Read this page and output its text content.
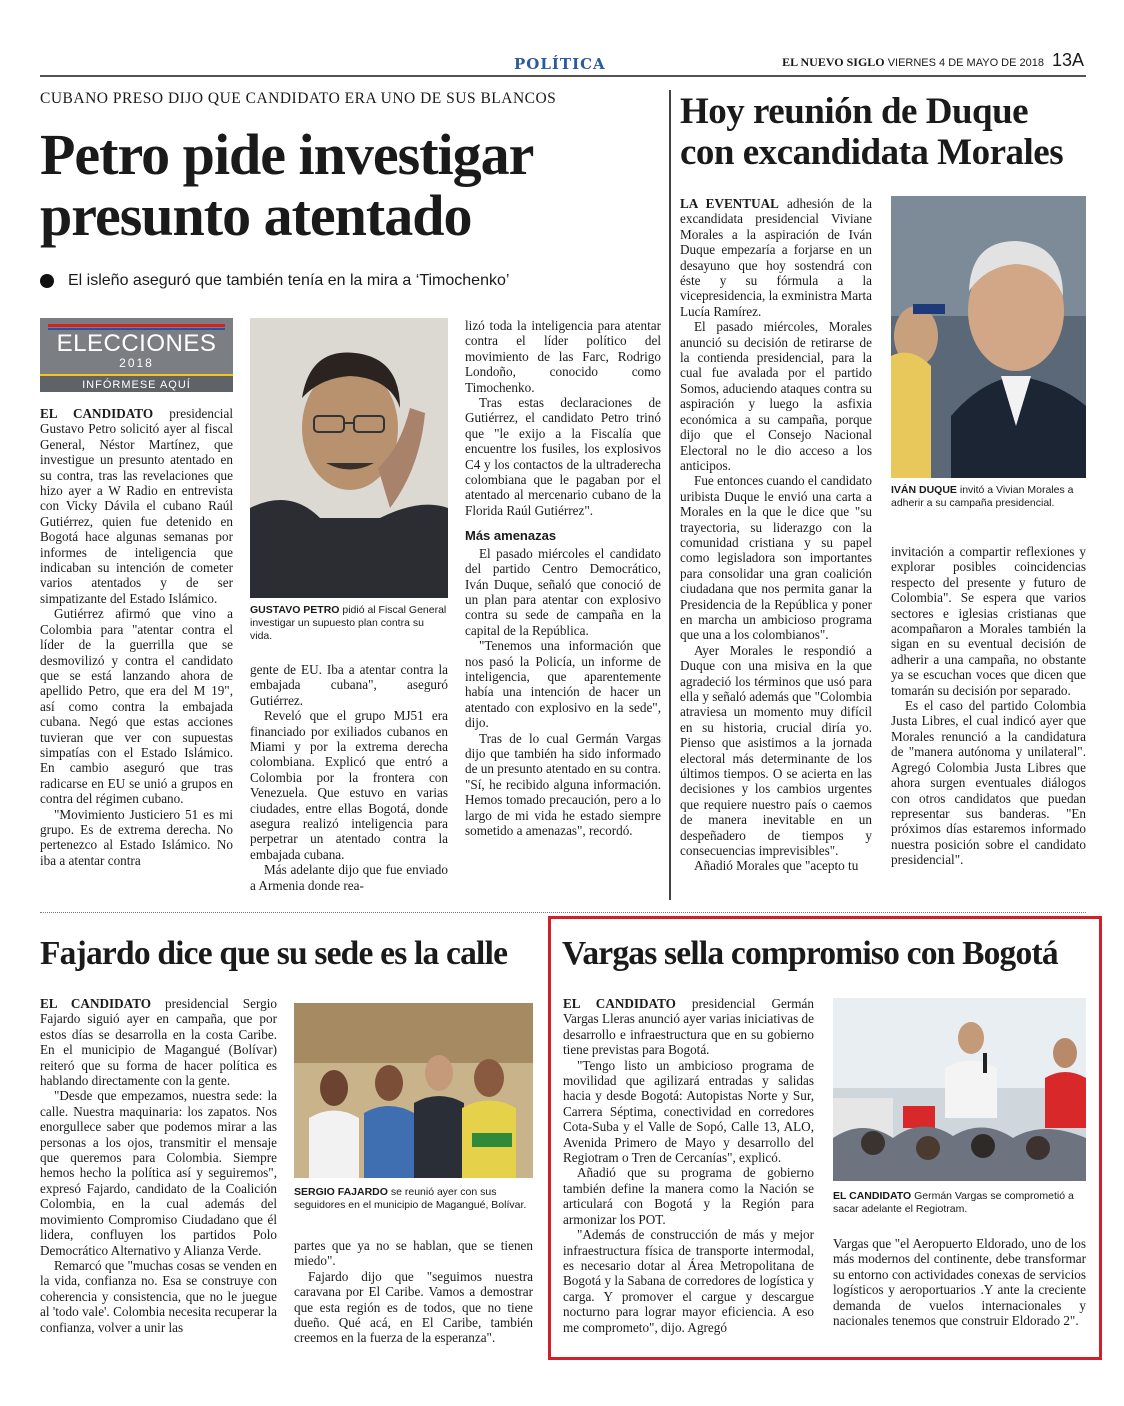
POLÍTICA	EL NUEVO SIGLO VIERNES 4 DE MAYO DE 2018 13A
CUBANO PRESO DIJO QUE CANDIDATO ERA UNO DE SUS BLANCOS
Petro pide investigar presunto atentado
El isleño aseguró que también tenía en la mira a ‘Timochenko’
ELECCIONES
2018
INFÓRMESE AQUÍ

EL CANDIDATO presidencial Gustavo Petro solicitó ayer al fiscal General, Néstor Martínez, que investigue un presunto atentado en su contra, tras las revelaciones que hizo ayer a W Radio en entrevista con Vicky Dávila el cubano Raúl Gutiérrez, quien fue detenido en Bogotá hace algunas semanas por informes de inteligencia que indicaban su intención de cometer varios atentados y de ser simpatizante del Estado Islámico.

Gutiérrez afirmó que vino a Colombia para "atentar contra el líder de la guerrilla que se desmovilizó y contra el candidato que se está lanzando ahora de apellido Petro, que era del M 19", así como contra la embajada cubana. Negó que estas acciones tuvieran que ver con supuestas simpatías con el Estado Islámico. En cambio aseguró que tras radicarse en EU se unió a grupos en contra del régimen cubano.

"Movimiento Justiciero 51 es mi grupo. Es de extrema derecha. No pertenezco al Estado Islámico. No iba a atentar contra

GUSTAVO PETRO pidió al Fiscal General investigar un supuesto plan contra su vida.

gente de EU. Iba a atentar contra la embajada cubana", aseguró Gutiérrez.

Reveló que el grupo MJ51 era financiado por exiliados cubanos en Miami y por la extrema derecha colombiana. Explicó que entró a Colombia por la frontera con Venezuela. Que estuvo en varias ciudades, entre ellas Bogotá, donde asegura realizó inteligencia para perpetrar un atentado contra la embajada cubana.

Más adelante dijo que fue enviado a Armenia donde rea-

lizó toda la inteligencia para atentar contra el líder político del movimiento de las Farc, Rodrigo Londoño, conocido como Timochenko.

Tras estas declaraciones de Gutiérrez, el candidato Petro trinó que "le exijo a la Fiscalía que encuentre los fusiles, los explosivos C4 y los contactos de la ultraderecha colombiana que le pagaban por el atentado al mercenario cubano de la Florida Raúl Gutiérrez".

Más amenazas

El pasado miércoles el candidato del partido Centro Democrático, Iván Duque, señaló que conoció de un plan para atentar con explosivo contra su sede de campaña en la capital de la República.

"Tenemos una información que nos pasó la Policía, un informe de inteligencia, que aparentemente había una intención de hacer un atentado con explosivo en la sede", dijo.

Tras de lo cual Germán Vargas dijo que también ha sido informado de un presunto atentado en su contra. "Sí, he recibido alguna información. Hemos tomado precaución, pero a lo largo de mi vida he estado siempre sometido a amenazas", recordó.

Hoy reunión de Duque con excandidata Morales

LA EVENTUAL adhesión de la excandidata presidencial Viviane Morales a la aspiración de Iván Duque empezaría a forjarse en un desayuno que hoy sostendrá con éste y su fórmula a la vicepresidencia, la exministra Marta Lucía Ramírez.

El pasado miércoles, Morales anunció su decisión de retirarse de la contienda presidencial, para la cual fue avalada por el partido Somos, aduciendo ataques contra su aspiración y luego la asfixia económica a su campaña, porque dijo que el Consejo Nacional Electoral no le dio acceso a los anticipos.

Fue entonces cuando el candidato uribista Duque le envió una carta a Morales en la que le dice que "su trayectoria, su liderazgo con la comunidad cristiana y su papel como legisladora son importantes para consolidar una gran coalición ciudadana que nos permita ganar la Presidencia de la República y poner en marcha un ambicioso programa que una a los colombianos".

Ayer Morales le respondió a Duque con una misiva en la que agradeció los términos que usó para ella y señaló además que "Colombia atraviesa un momento muy difícil en su historia, crucial diría yo. Pienso que asistimos a la jornada electoral más determinante de los últimos tiempos. O se acierta en las decisiones y los cambios urgentes que requiere nuestro país o caemos de manera inevitable en un despeñadero de tiempos y consecuencias imprevisibles".

Añadió Morales que "acepto tu

IVÁN DUQUE invitó a Vivian Morales a adherir a su campaña presidencial.

invitación a compartir reflexiones y explorar posibles coincidencias respecto del presente y futuro de Colombia". Se espera que varios sectores e iglesias cristianas que acompañaron a Morales también la sigan en su eventual decisión de adherir a una campaña, no obstante ya se escuchan voces que dicen que tomarán su decisión por separado.

Es el caso del partido Colombia Justa Libres, el cual indicó ayer que Morales renunció a la candidatura de "manera autónoma y unilateral". Agregó Colombia Justa Libres que ahora surgen eventuales diálogos con otros candidatos que puedan representar sus banderas. "En próximos días estaremos informado nuestra posición sobre el candidato presidencial".

Fajardo dice que su sede es la calle

EL CANDIDATO presidencial Sergio Fajardo siguió ayer en campaña, que por estos días se desarrolla en la costa Caribe. En el municipio de Magangué (Bolívar) reiteró que su forma de hacer política es hablando directamente con la gente.

"Desde que empezamos, nuestra sede: la calle. Nuestra maquinaria: los zapatos. Nos enorgullece saber que podemos mirar a las personas a los ojos, transmitir el mensaje que queremos para Colombia. Siempre hemos hecho la política así y seguiremos", expresó Fajardo, candidato de la Coalición Colombia, en la cual además del movimiento Compromiso Ciudadano que él lidera, confluyen los partidos Polo Democrático Alternativo y Alianza Verde.

Remarcó que "muchas cosas se venden en la vida, confianza no. Esa se construye con coherencia y consistencia, que no le juegue al 'todo vale'. Colombia necesita recuperar la confianza, volver a unir las

SERGIO FAJARDO se reunió ayer con sus seguidores en el municipio de Magangué, Bolívar.

partes que ya no se hablan, que se tienen miedo".

Fajardo dijo que "seguimos nuestra caravana por El Caribe. Vamos a demostrar que esta región es de todos, que no tiene dueño. Qué acá, en El Caribe, también creemos en la fuerza de la esperanza".

Vargas sella compromiso con Bogotá

EL CANDIDATO presidencial Germán Vargas Lleras anunció ayer varias iniciativas de desarrollo e infraestructura que en su gobierno tiene previstas para Bogotá.

"Tengo listo un ambicioso programa de movilidad que agilizará entradas y salidas hacia y desde Bogotá: Autopistas Norte y Sur, Carrera Séptima, conectividad en corredores Cota-Suba y el Valle de Sopó, Calle 13, ALO, Avenida Primero de Mayo y desarrollo del Regiotram o Tren de Cercanías", explicó.

Añadió que su programa de gobierno también define la manera como la Nación se articulará con Bogotá y la Región para armonizar los POT.

"Además de construcción de más y mejor infraestructura física de transporte intermodal, es necesario dotar al Área Metropolitana de Bogotá y la Sabana de corredores de logística y carga. Y promover el cargue y descargue nocturno para lograr mayor eficiencia. A eso me comprometo", dijo. Agregó

EL CANDIDATO Germán Vargas se comprometió a sacar adelante el Regiotram.

Vargas que "el Aeropuerto Eldorado, uno de los más modernos del continente, debe transformar su entorno con actividades conexas de servicios logísticos y aeroportuarios .Y ante la creciente demanda de vuelos internacionales y nacionales tenemos que construir Eldorado 2".
